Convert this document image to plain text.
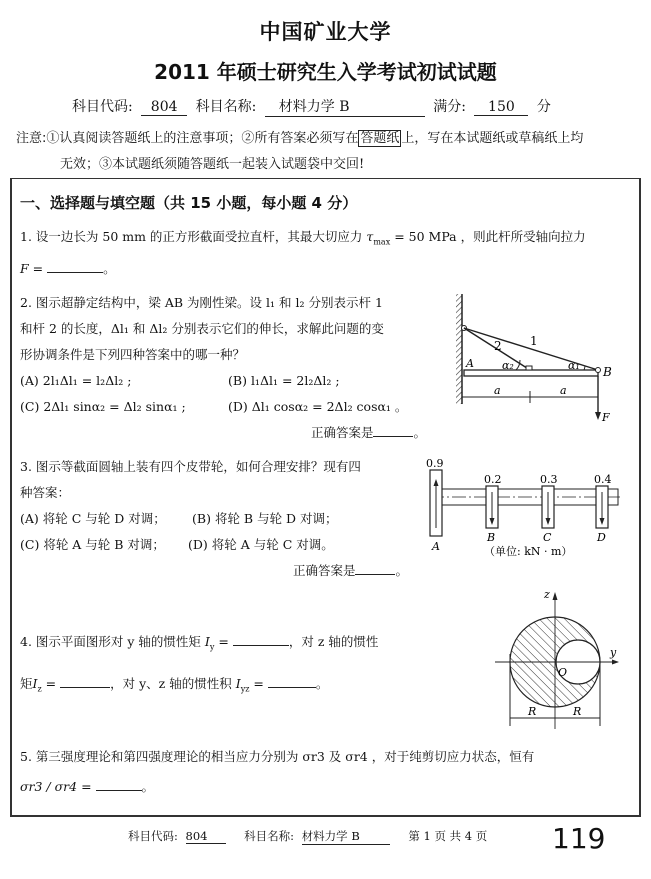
中国矿业大学
2011 年硕士研究生入学考试初试试题
科目代码: 804 科目名称: 材料力学 B	满分: 150 分
注意:①认真阅读答题纸上的注意事项；②所有答案必须写在 答题纸 上，写在本试题纸或草稿纸上均
无效；③本试题纸须随答题纸一起装入试题袋中交回!
一、选择题与填空题（共 15 小题，每小题 4 分）
1. 设一边长为 50 mm 的正方形截面受拉直杆，其最大切应力 $\tau_{max} = 50$ MPa ，则此杆所受轴向拉力
F =	。
2. 图示超静定结构中，梁 AB 为刚性梁。设 l₁ 和 l₂ 分别表示杆 1
和杆 2 的长度，Δl₁ 和 Δl₂ 分别表示它们的伸长，求解此问题的变
形协调条件是下列四种答案中的哪一种？
(A) 2l₁Δl₁ = l₂Δl₂ ;	(B) l₁Δl₁ = 2l₂Δl₂ ;
(C) 2Δl₁ sinα₂ = Δl₂ sinα₁ ;	(D) Δl₁ cosα₂ = 2Δl₂ cosα₁ 。
正确答案是	。
1
2
α₂	α₁
A
B
a	a
F
3. 图示等截面圆轴上装有四个皮带轮，如何合理安排？现有四
种答案：
(A) 将轮 C 与轮 D 对调；	(B) 将轮 B 与轮 D 对调；
(C) 将轮 A 与轮 B 对调；	(D) 将轮 A 与轮 C 对调。
正确答案是	。
0.9
0.2	0.3	0.4
A
B	C	D
（单位: kN · m）
4. 图示平面图形对 y 轴的惯性矩 $I_y$ =	，对 z 轴的惯性
矩$I_z$ =	，对 y、z 轴的惯性积 $I_{yz}$ =	。
z
y
O
R	R
5. 第三强度理论和第四强度理论的相当应力分别为 σr3 及 σr4 ，对于纯剪切应力状态，恒有
σr3 / σr4 =	。
科目代码: 804	科目名称: 材料力学 B	第 1 页 共 4 页 119
